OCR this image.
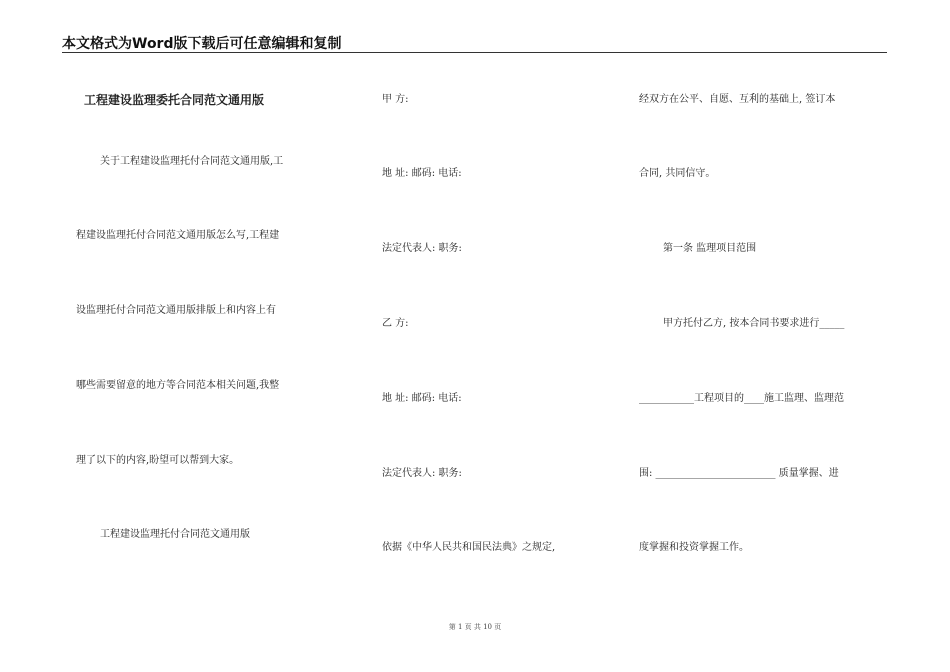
本文格式为Word版下载后可任意编辑和复制
工程建设监理委托合同范文通用版
关于工程建设监理托付合同范文通用版,工
程建设监理托付合同范文通用版怎么写,工程建
设监理托付合同范文通用版排版上和内容上有
哪些需要留意的地方等合同范本相关问题,我整
理了以下的内容,盼望可以帮到大家。
工程建设监理托付合同范文通用版
甲 方:
地 址: 邮码: 电话:
法定代表人: 职务:
乙 方:
地 址: 邮码: 电话:
法定代表人: 职务:
依据《中华人民共和国民法典》之规定,
经双方在公平、自愿、互利的基础上, 签订本
合同, 共同信守。
第一条 监理项目范围
甲方托付乙方, 按本合同书要求进行_____
___________工程项目的____施工监理、监理范
围: ________________________ 质量掌握、进
度掌握和投资掌握工作。
第 1 页 共 10 页
